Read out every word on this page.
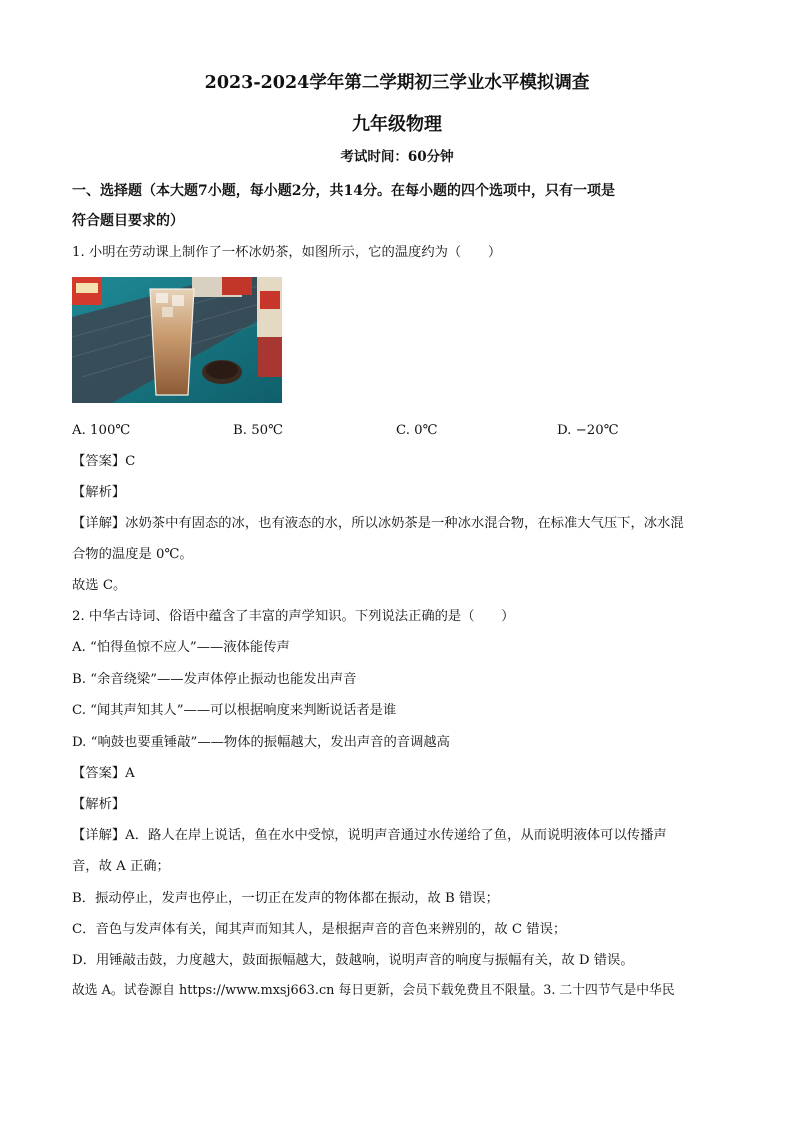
2023-2024学年第二学期初三学业水平模拟调查
九年级物理
考试时间：60分钟
一、选择题（本大题7小题，每小题2分，共14分。在每小题的四个选项中，只有一项是
符合题目要求的）
1. 小明在劳动课上制作了一杯冰奶茶，如图所示，它的温度约为（　　）
A. 100℃	B. 50℃	C. 0℃	D. −20℃
【答案】C
【解析】
【详解】冰奶茶中有固态的冰，也有液态的水，所以冰奶茶是一种冰水混合物，在标准大气压下，冰水混
合物的温度是 0℃。
故选 C。
2. 中华古诗词、俗语中蕴含了丰富的声学知识。下列说法正确的是（　　）
A. “怕得鱼惊不应人”——液体能传声
B. “余音绕梁”——发声体停止振动也能发出声音
C. “闻其声知其人”——可以根据响度来判断说话者是谁
D. “响鼓也要重锤敲”——物体的振幅越大，发出声音的音调越高
【答案】A
【解析】
【详解】A．路人在岸上说话，鱼在水中受惊，说明声音通过水传递给了鱼，从而说明液体可以传播声
音，故 A 正确；
B．振动停止，发声也停止，一切正在发声的物体都在振动，故 B 错误；
C．音色与发声体有关，闻其声而知其人，是根据声音的音色来辨别的，故 C 错误；
D．用锤敲击鼓，力度越大，鼓面振幅越大，鼓越响，说明声音的响度与振幅有关，故 D 错误。
故选 A。试卷源自 https://www.mxsj663.cn 每日更新，会员下载免费且不限量。3. 二十四节气是中华民
